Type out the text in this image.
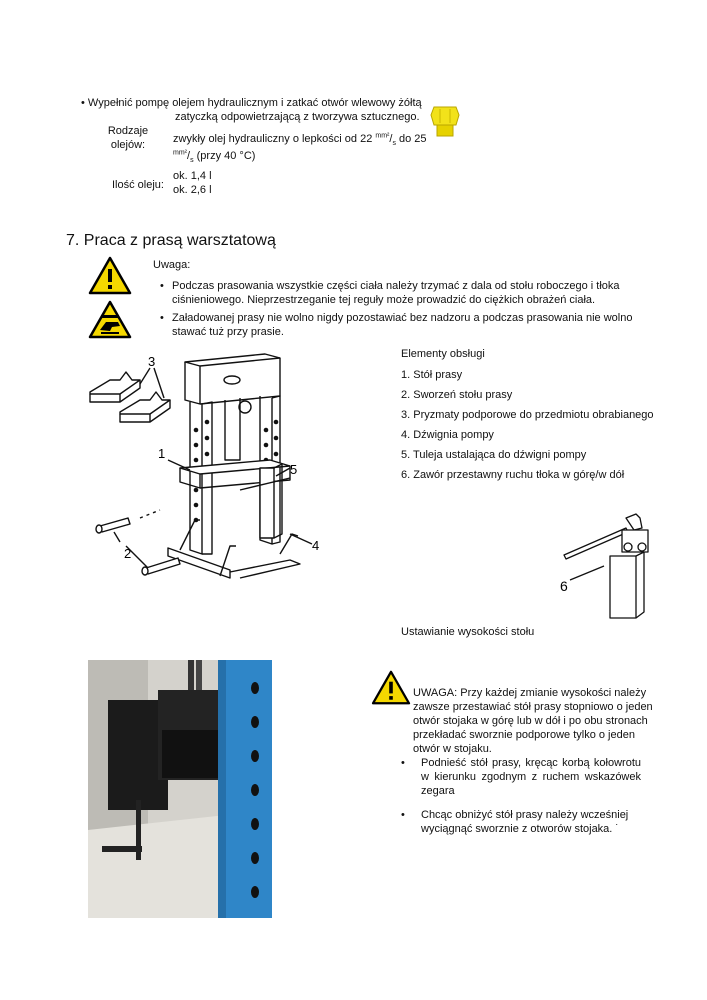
• Wypełnić pompę olejem hydraulicznym i zatkać otwór wlewowy żółtą
zatyczką odpowietrzającą z tworzywa sztucznego.
Rodzaje
olejów:	zwykły olej hydrauliczny o lepkości od 22 $^{mm^2}/_s$ do 25
$^{mm^2}/_s$ (przy 40 °C)
Ilość oleju:
ok. 1,4 l
ok. 2,6 l
7. Praca z prasą warsztatową
Uwaga:
• Podczas prasowania wszystkie części ciała należy trzymać z dala od stołu roboczego i tłoka ciśnieniowego. Nieprzestrzeganie tej reguły może prowadzić do ciężkich obrażeń ciała.
• Załadowanej prasy nie wolno nigdy pozostawiać bez nadzoru a podczas prasowania nie wolno stawać tuż przy prasie.
3
1
2
5
4
Elementy obsługi
1. Stół prasy
2. Sworzeń stołu prasy
3. Pryzmaty podporowe do przedmiotu obrabianego
4. Dźwignia pompy
5. Tuleja ustalająca do dźwigni pompy
6. Zawór przestawny ruchu tłoka w górę/w dół
6
Ustawianie wysokości stołu
UWAGA: Przy każdej zmianie wysokości należy zawsze przestawiać stół prasy stopniowo o jeden otwór stojaka w górę lub w dół i po obu stronach przekładać sworznie podporowe tylko o jeden otwór w stojaku.
• Podnieść stół prasy, kręcąc korbą kołowrotu w kierunku zgodnym z ruchem wskazówek zegara
• Chcąc obniżyć stół prasy należy wcześniej wyciągnąć sworznie z otworów stojaka. ˙
